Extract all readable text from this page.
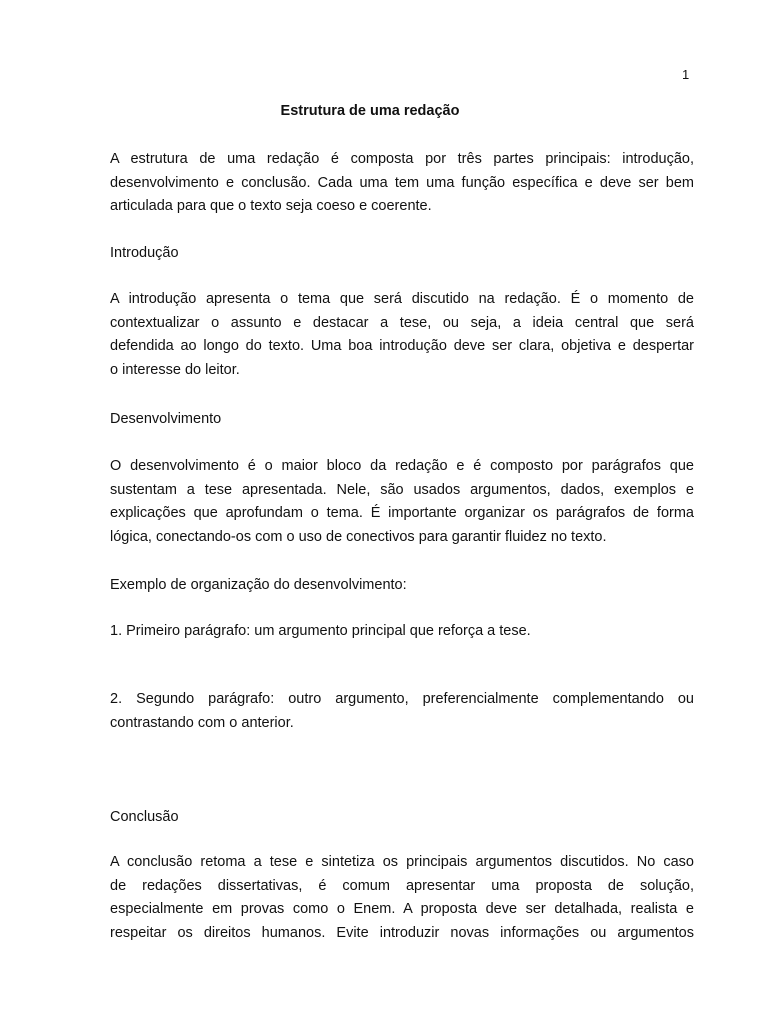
1
Estrutura de uma redação
A estrutura de uma redação é composta por três partes principais: introdução,
desenvolvimento e conclusão. Cada uma tem uma função específica e deve ser bem
articulada para que o texto seja coeso e coerente.
Introdução
A introdução apresenta o tema que será discutido na redação. É o momento de
contextualizar o assunto e destacar a tese, ou seja, a ideia central que será
defendida ao longo do texto. Uma boa introdução deve ser clara, objetiva e despertar
o interesse do leitor.
Desenvolvimento
O desenvolvimento é o maior bloco da redação e é composto por parágrafos que
sustentam a tese apresentada. Nele, são usados argumentos, dados, exemplos e
explicações que aprofundam o tema. É importante organizar os parágrafos de forma
lógica, conectando-os com o uso de conectivos para garantir fluidez no texto.
Exemplo de organização do desenvolvimento:
1. Primeiro parágrafo: um argumento principal que reforça a tese.
2. Segundo parágrafo: outro argumento, preferencialmente complementando ou
contrastando com o anterior.
Conclusão
A conclusão retoma a tese e sintetiza os principais argumentos discutidos. No caso
de redações dissertativas, é comum apresentar uma proposta de solução,
especialmente em provas como o Enem. A proposta deve ser detalhada, realista e
respeitar os direitos humanos. Evite introduzir novas informações ou argumentos
